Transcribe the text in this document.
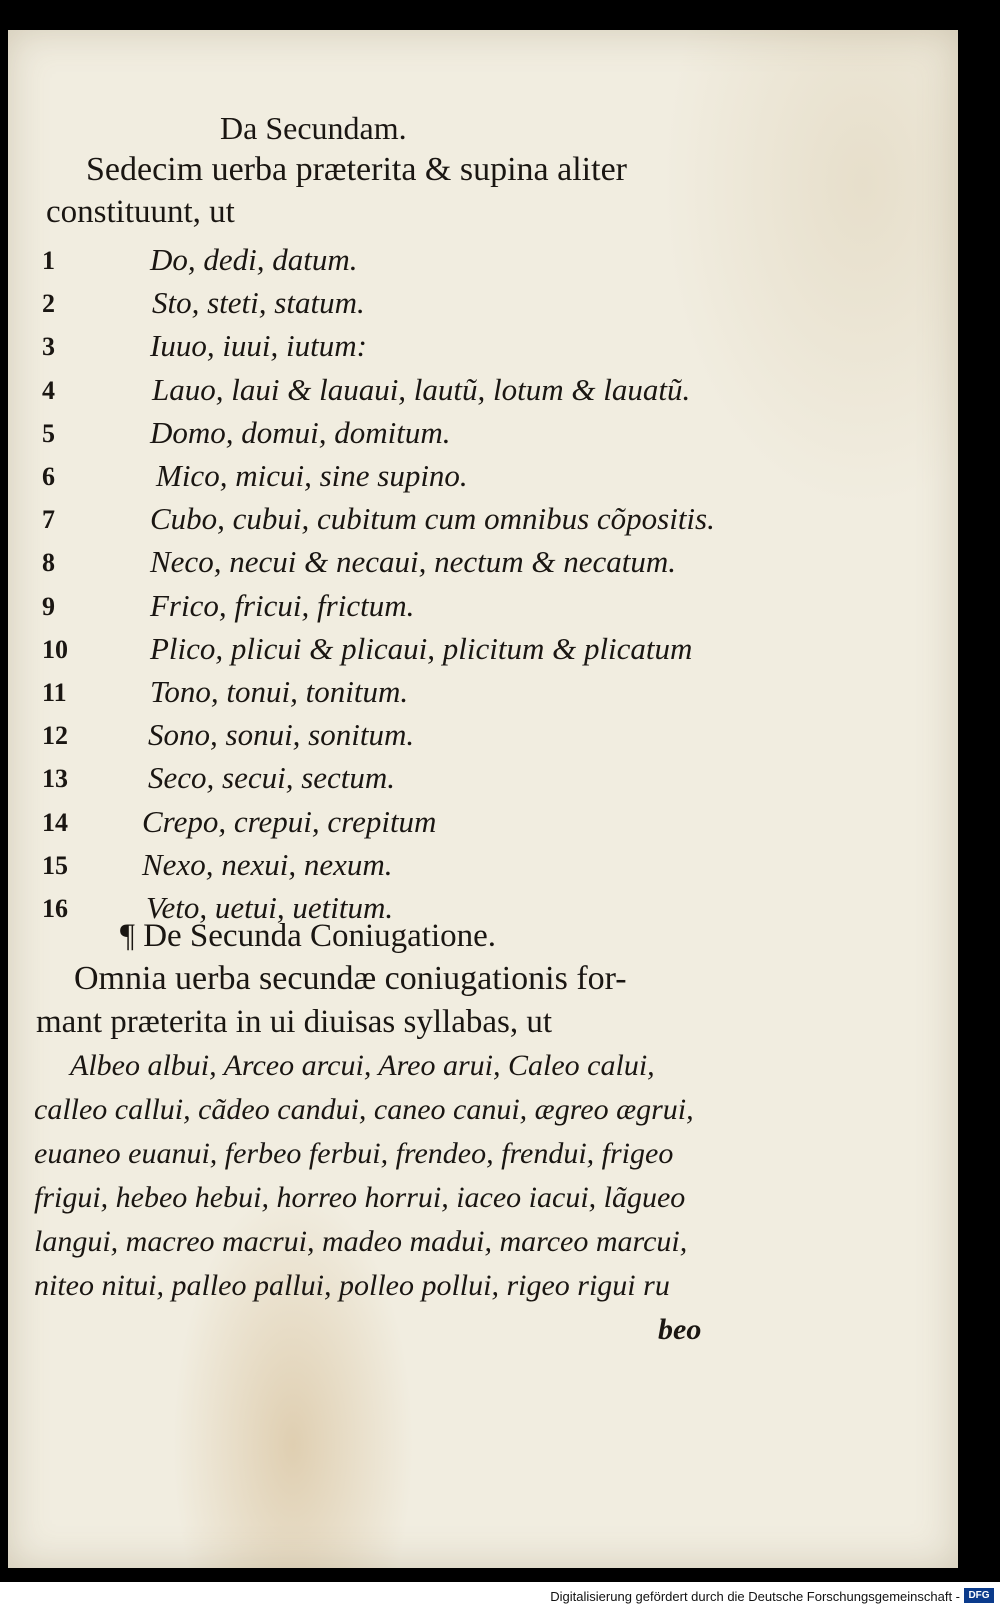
Da Secundam.
Sedecim uerba præterita & supina aliter
constituunt, ut
1	Do, dedi, datum.
2	Sto, steti, statum.
3	Iuuo, iuui, iutum:
4	Lauo, laui & lauaui, lautũ, lotum & lauatũ.
5	Domo, domui, domitum.
6	Mico, micui, sine supino.
7	Cubo, cubui, cubitum cum omnibus cõpositis.
8	Neco, necui & necaui, nectum & necatum.
9	Frico, fricui, frictum.
10	Plico, plicui & plicaui, plicitum & plicatum
11	Tono, tonui, tonitum.
12	Sono, sonui, sonitum.
13	Seco, secui, sectum.
14 Crepo, crepui, crepitum
15 Nexo, nexui, nexum.
16	Veto, uetui, uetitum.
¶ De Secunda Coniugatione.
Omnia uerba secundæ coniugationis for-
mant præterita in ui diuisas syllabas, ut
Albeo albui, Arceo arcui, Areo arui, Caleo calui,
calleo callui, cãdeo candui, caneo canui, ægreo ægrui,
euaneo euanui, ferbeo ferbui, frendeo, frendui, frigeo
frigui, hebeo hebui, horreo horrui, iaceo iacui, lãgueo
langui, macreo macrui, madeo madui, marceo marcui,
niteo nitui, palleo pallui, polleo pollui, rigeo rigui ru
beo
Digitalisierung gefördert durch die Deutsche Forschungsgemeinschaft - DFG
